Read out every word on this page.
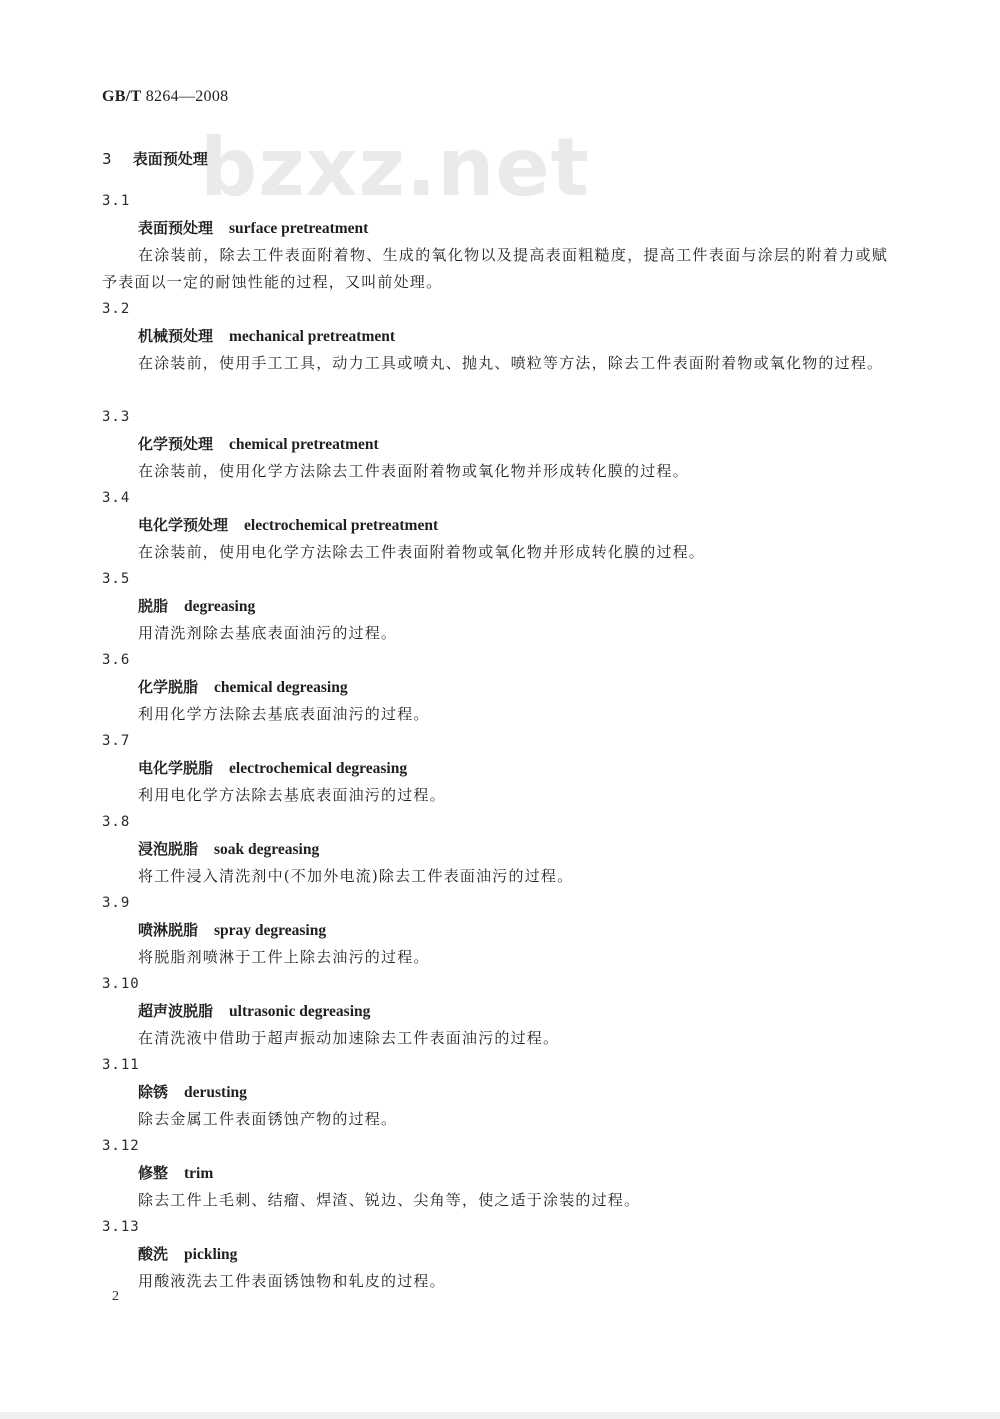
GB/T 8264—2008
bzxz.net
3 表面预处理
3.1
表面预处理 surface pretreatment
在涂装前，除去工件表面附着物、生成的氧化物以及提高表面粗糙度，提高工件表面与涂层的附着力或赋予表面以一定的耐蚀性能的过程，又叫前处理。
3.2
机械预处理 mechanical pretreatment
在涂装前，使用手工工具，动力工具或喷丸、抛丸、喷粒等方法，除去工件表面附着物或氧化物的过程。
3.3
化学预处理 chemical pretreatment
在涂装前，使用化学方法除去工件表面附着物或氧化物并形成转化膜的过程。
3.4
电化学预处理 electrochemical pretreatment
在涂装前，使用电化学方法除去工件表面附着物或氧化物并形成转化膜的过程。
3.5
脱脂 degreasing
用清洗剂除去基底表面油污的过程。
3.6
化学脱脂 chemical degreasing
利用化学方法除去基底表面油污的过程。
3.7
电化学脱脂 electrochemical degreasing
利用电化学方法除去基底表面油污的过程。
3.8
浸泡脱脂 soak degreasing
将工件浸入清洗剂中(不加外电流)除去工件表面油污的过程。
3.9
喷淋脱脂 spray degreasing
将脱脂剂喷淋于工件上除去油污的过程。
3.10
超声波脱脂 ultrasonic degreasing
在清洗液中借助于超声振动加速除去工件表面油污的过程。
3.11
除锈 derusting
除去金属工件表面锈蚀产物的过程。
3.12
修整 trim
除去工件上毛刺、结瘤、焊渣、锐边、尖角等，使之适于涂装的过程。
3.13
酸洗 pickling
用酸液洗去工件表面锈蚀物和轧皮的过程。
2
